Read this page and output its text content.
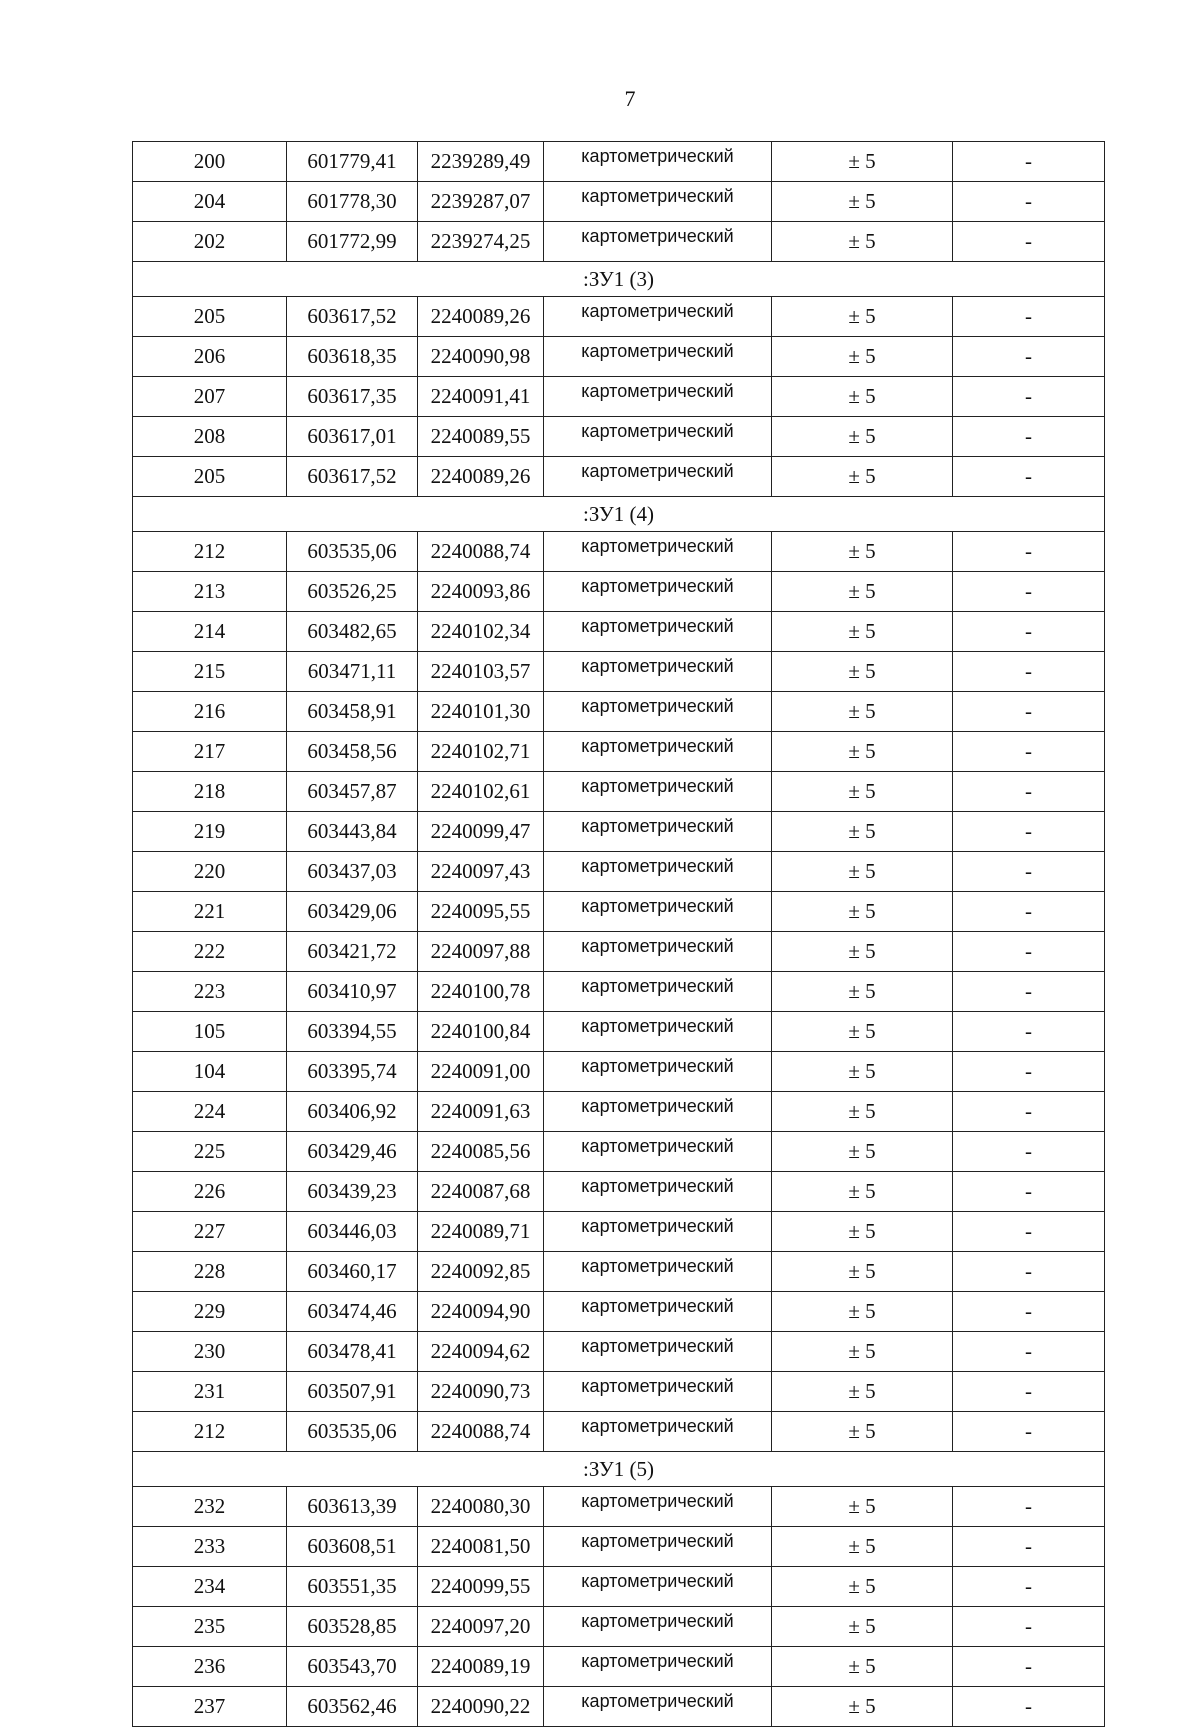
7
200	601779,41	2239289,49	картометрический	± 5	-
204	601778,30	2239287,07	картометрический	± 5	-
202	601772,99	2239274,25	картометрический	± 5	-
:ЗУ1 (3)					
205	603617,52	2240089,26	картометрический	± 5	-
206	603618,35	2240090,98	картометрический	± 5	-
207	603617,35	2240091,41	картометрический	± 5	-
208	603617,01	2240089,55	картометрический	± 5	-
205	603617,52	2240089,26	картометрический	± 5	-
:ЗУ1 (4)					
212	603535,06	2240088,74	картометрический	± 5	-
213	603526,25	2240093,86	картометрический	± 5	-
214	603482,65	2240102,34	картометрический	± 5	-
215	603471,11	2240103,57	картометрический	± 5	-
216	603458,91	2240101,30	картометрический	± 5	-
217	603458,56	2240102,71	картометрический	± 5	-
218	603457,87	2240102,61	картометрический	± 5	-
219	603443,84	2240099,47	картометрический	± 5	-
220	603437,03	2240097,43	картометрический	± 5	-
221	603429,06	2240095,55	картометрический	± 5	-
222	603421,72	2240097,88	картометрический	± 5	-
223	603410,97	2240100,78	картометрический	± 5	-
105	603394,55	2240100,84	картометрический	± 5	-
104	603395,74	2240091,00	картометрический	± 5	-
224	603406,92	2240091,63	картометрический	± 5	-
225	603429,46	2240085,56	картометрический	± 5	-
226	603439,23	2240087,68	картометрический	± 5	-
227	603446,03	2240089,71	картометрический	± 5	-
228	603460,17	2240092,85	картометрический	± 5	-
229	603474,46	2240094,90	картометрический	± 5	-
230	603478,41	2240094,62	картометрический	± 5	-
231	603507,91	2240090,73	картометрический	± 5	-
212	603535,06	2240088,74	картометрический	± 5	-
:ЗУ1 (5)					
232	603613,39	2240080,30	картометрический	± 5	-
233	603608,51	2240081,50	картометрический	± 5	-
234	603551,35	2240099,55	картометрический	± 5	-
235	603528,85	2240097,20	картометрический	± 5	-
236	603543,70	2240089,19	картометрический	± 5	-
237	603562,46	2240090,22	картометрический	± 5	-
